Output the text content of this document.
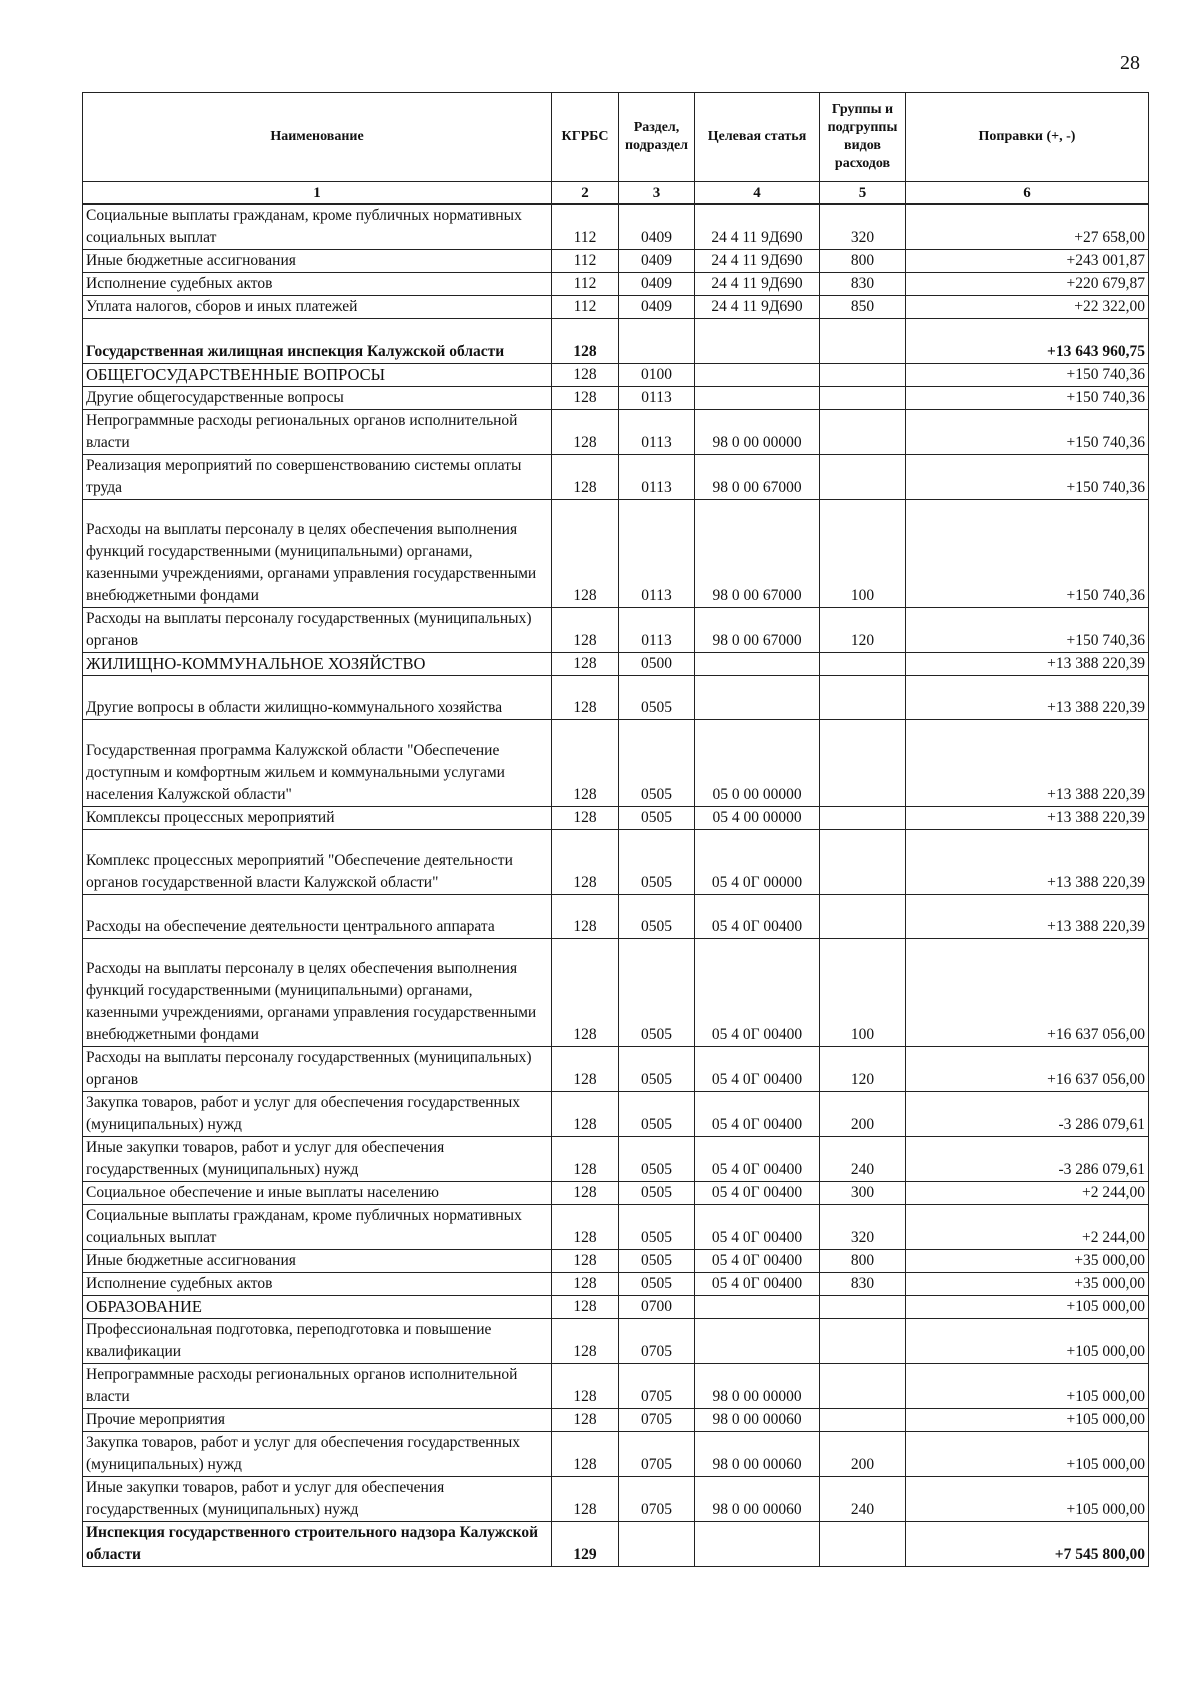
28
Наименование	КГРБС	Раздел, подраздел	Целевая статья	Группы и подгруппы видов расходов	Поправки (+, -)
1	2	3	4	5	6
Социальные выплаты гражданам, кроме публичных нормативных социальных выплат	112	0409	24 4 11 9Д690	320	+27 658,00
Иные бюджетные ассигнования	112	0409	24 4 11 9Д690	800	+243 001,87
Исполнение судебных актов	112	0409	24 4 11 9Д690	830	+220 679,87
Уплата налогов, сборов и иных платежей	112	0409	24 4 11 9Д690	850	+22 322,00
Государственная жилищная инспекция Калужской области	128				+13 643 960,75
ОБЩЕГОСУДАРСТВЕННЫЕ ВОПРОСЫ	128	0100			+150 740,36
Другие общегосударственные вопросы	128	0113			+150 740,36
Непрограммные расходы региональных органов исполнительной власти	128	0113	98 0 00 00000		+150 740,36
Реализация мероприятий по совершенствованию системы оплаты труда	128	0113	98 0 00 67000		+150 740,36
Расходы на выплаты персоналу в целях обеспечения выполнения функций государственными (муниципальными) органами, казенными учреждениями, органами управления государственными внебюджетными фондами	128	0113	98 0 00 67000	100	+150 740,36
Расходы на выплаты персоналу государственных (муниципальных) органов	128	0113	98 0 00 67000	120	+150 740,36
ЖИЛИЩНО-КОММУНАЛЬНОЕ ХОЗЯЙСТВО	128	0500			+13 388 220,39
Другие вопросы в области жилищно-коммунального хозяйства	128	0505			+13 388 220,39
Государственная программа Калужской области "Обеспечение доступным и комфортным жильем и коммунальными услугами населения Калужской области"	128	0505	05 0 00 00000		+13 388 220,39
Комплексы процессных мероприятий	128	0505	05 4 00 00000		+13 388 220,39
Комплекс процессных мероприятий "Обеспечение деятельности органов государственной власти Калужской области"	128	0505	05 4 0Г 00000		+13 388 220,39
Расходы на обеспечение деятельности центрального аппарата	128	0505	05 4 0Г 00400		+13 388 220,39
Расходы на выплаты персоналу в целях обеспечения выполнения функций государственными (муниципальными) органами, казенными учреждениями, органами управления государственными внебюджетными фондами	128	0505	05 4 0Г 00400	100	+16 637 056,00
Расходы на выплаты персоналу государственных (муниципальных) органов	128	0505	05 4 0Г 00400	120	+16 637 056,00
Закупка товаров, работ и услуг для обеспечения государственных (муниципальных) нужд	128	0505	05 4 0Г 00400	200	-3 286 079,61
Иные закупки товаров, работ и услуг для обеспечения государственных (муниципальных) нужд	128	0505	05 4 0Г 00400	240	-3 286 079,61
Социальное обеспечение и иные выплаты населению	128	0505	05 4 0Г 00400	300	+2 244,00
Социальные выплаты гражданам, кроме публичных нормативных социальных выплат	128	0505	05 4 0Г 00400	320	+2 244,00
Иные бюджетные ассигнования	128	0505	05 4 0Г 00400	800	+35 000,00
Исполнение судебных актов	128	0505	05 4 0Г 00400	830	+35 000,00
ОБРАЗОВАНИЕ	128	0700			+105 000,00
Профессиональная подготовка, переподготовка и повышение квалификации	128	0705			+105 000,00
Непрограммные расходы региональных органов исполнительной власти	128	0705	98 0 00 00000		+105 000,00
Прочие мероприятия	128	0705	98 0 00 00060		+105 000,00
Закупка товаров, работ и услуг для обеспечения государственных (муниципальных) нужд	128	0705	98 0 00 00060	200	+105 000,00
Иные закупки товаров, работ и услуг для обеспечения государственных (муниципальных) нужд	128	0705	98 0 00 00060	240	+105 000,00
Инспекция государственного строительного надзора Калужской области	129				+7 545 800,00
